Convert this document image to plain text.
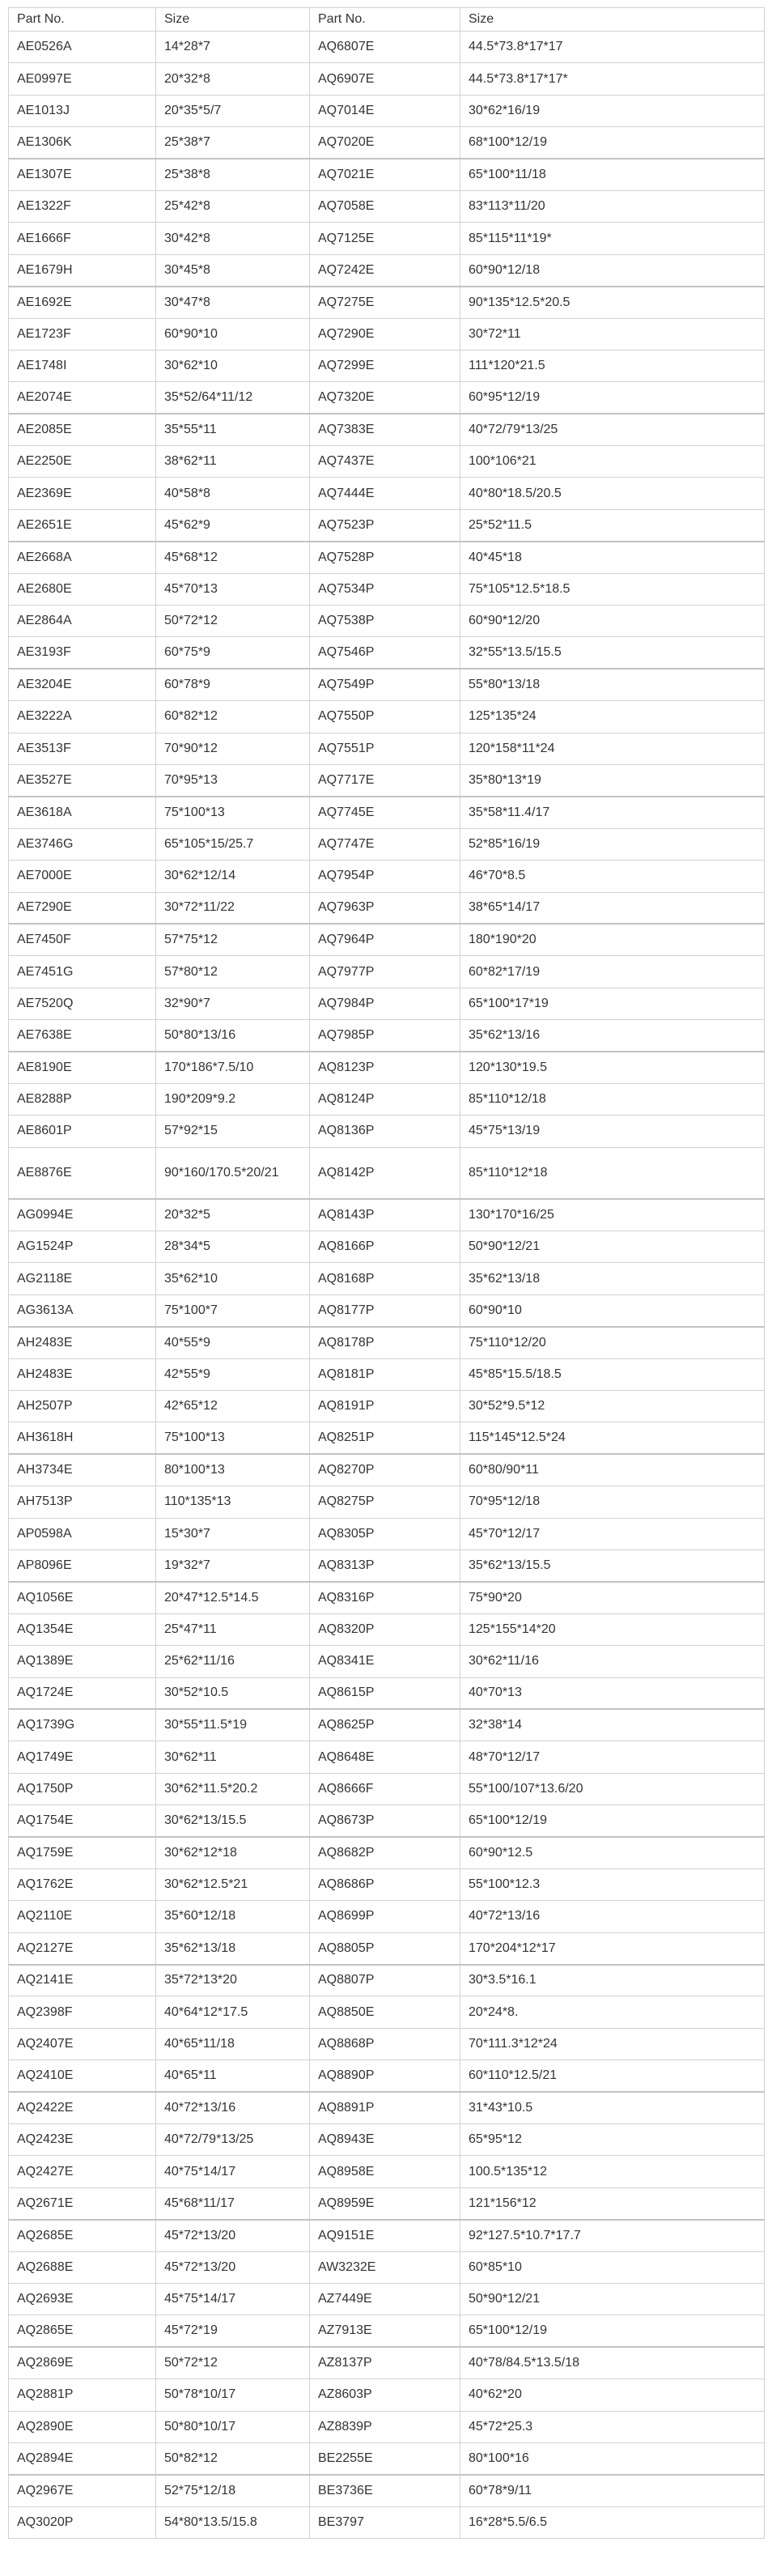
Part No.	Size	Part No.	Size
AE0526A	14*28*7	AQ6807E	44.5*73.8*17*17
AE0997E	20*32*8	AQ6907E	44.5*73.8*17*17*
AE1013J	20*35*5/7	AQ7014E	30*62*16/19
AE1306K	25*38*7	AQ7020E	68*100*12/19
AE1307E	25*38*8	AQ7021E	65*100*11/18
AE1322F	25*42*8	AQ7058E	83*113*11/20
AE1666F	30*42*8	AQ7125E	85*115*11*19*
AE1679H	30*45*8	AQ7242E	60*90*12/18
AE1692E	30*47*8	AQ7275E	90*135*12.5*20.5
AE1723F	60*90*10	AQ7290E	30*72*11
AE1748I	30*62*10	AQ7299E	111*120*21.5
AE2074E	35*52/64*11/12	AQ7320E	60*95*12/19
AE2085E	35*55*11	AQ7383E	40*72/79*13/25
AE2250E	38*62*11	AQ7437E	100*106*21
AE2369E	40*58*8	AQ7444E	40*80*18.5/20.5
AE2651E	45*62*9	AQ7523P	25*52*11.5
AE2668A	45*68*12	AQ7528P	40*45*18
AE2680E	45*70*13	AQ7534P	75*105*12.5*18.5
AE2864A	50*72*12	AQ7538P	60*90*12/20
AE3193F	60*75*9	AQ7546P	32*55*13.5/15.5
AE3204E	60*78*9	AQ7549P	55*80*13/18
AE3222A	60*82*12	AQ7550P	125*135*24
AE3513F	70*90*12	AQ7551P	120*158*11*24
AE3527E	70*95*13	AQ7717E	35*80*13*19
AE3618A	75*100*13	AQ7745E	35*58*11.4/17
AE3746G	65*105*15/25.7	AQ7747E	52*85*16/19
AE7000E	30*62*12/14	AQ7954P	46*70*8.5
AE7290E	30*72*11/22	AQ7963P	38*65*14/17
AE7450F	57*75*12	AQ7964P	180*190*20
AE7451G	57*80*12	AQ7977P	60*82*17/19
AE7520Q	32*90*7	AQ7984P	65*100*17*19
AE7638E	50*80*13/16	AQ7985P	35*62*13/16
AE8190E	170*186*7.5/10	AQ8123P	120*130*19.5
AE8288P	190*209*9.2	AQ8124P	85*110*12/18
AE8601P	57*92*15	AQ8136P	45*75*13/19
AE8876E	90*160/170.5*20/21	AQ8142P	85*110*12*18
AG0994E	20*32*5	AQ8143P	130*170*16/25
AG1524P	28*34*5	AQ8166P	50*90*12/21
AG2118E	35*62*10	AQ8168P	35*62*13/18
AG3613A	75*100*7	AQ8177P	60*90*10
AH2483E	40*55*9	AQ8178P	75*110*12/20
AH2483E	42*55*9	AQ8181P	45*85*15.5/18.5
AH2507P	42*65*12	AQ8191P	30*52*9.5*12
AH3618H	75*100*13	AQ8251P	115*145*12.5*24
AH3734E	80*100*13	AQ8270P	60*80/90*11
AH7513P	110*135*13	AQ8275P	70*95*12/18
AP0598A	15*30*7	AQ8305P	45*70*12/17
AP8096E	19*32*7	AQ8313P	35*62*13/15.5
AQ1056E	20*47*12.5*14.5	AQ8316P	75*90*20
AQ1354E	25*47*11	AQ8320P	125*155*14*20
AQ1389E	25*62*11/16	AQ8341E	30*62*11/16
AQ1724E	30*52*10.5	AQ8615P	40*70*13
AQ1739G	30*55*11.5*19	AQ8625P	32*38*14
AQ1749E	30*62*11	AQ8648E	48*70*12/17
AQ1750P	30*62*11.5*20.2	AQ8666F	55*100/107*13.6/20
AQ1754E	30*62*13/15.5	AQ8673P	65*100*12/19
AQ1759E	30*62*12*18	AQ8682P	60*90*12.5
AQ1762E	30*62*12.5*21	AQ8686P	55*100*12.3
AQ2110E	35*60*12/18	AQ8699P	40*72*13/16
AQ2127E	35*62*13/18	AQ8805P	170*204*12*17
AQ2141E	35*72*13*20	AQ8807P	30*3.5*16.1
AQ2398F	40*64*12*17.5	AQ8850E	20*24*8.
AQ2407E	40*65*11/18	AQ8868P	70*111.3*12*24
AQ2410E	40*65*11	AQ8890P	60*110*12.5/21
AQ2422E	40*72*13/16	AQ8891P	31*43*10.5
AQ2423E	40*72/79*13/25	AQ8943E	65*95*12
AQ2427E	40*75*14/17	AQ8958E	100.5*135*12
AQ2671E	45*68*11/17	AQ8959E	121*156*12
AQ2685E	45*72*13/20	AQ9151E	92*127.5*10.7*17.7
AQ2688E	45*72*13/20	AW3232E	60*85*10
AQ2693E	45*75*14/17	AZ7449E	50*90*12/21
AQ2865E	45*72*19	AZ7913E	65*100*12/19
AQ2869E	50*72*12	AZ8137P	40*78/84.5*13.5/18
AQ2881P	50*78*10/17	AZ8603P	40*62*20
AQ2890E	50*80*10/17	AZ8839P	45*72*25.3
AQ2894E	50*82*12	BE2255E	80*100*16
AQ2967E	52*75*12/18	BE3736E	60*78*9/11
AQ3020P	54*80*13.5/15.8	BE3797	16*28*5.5/6.5
